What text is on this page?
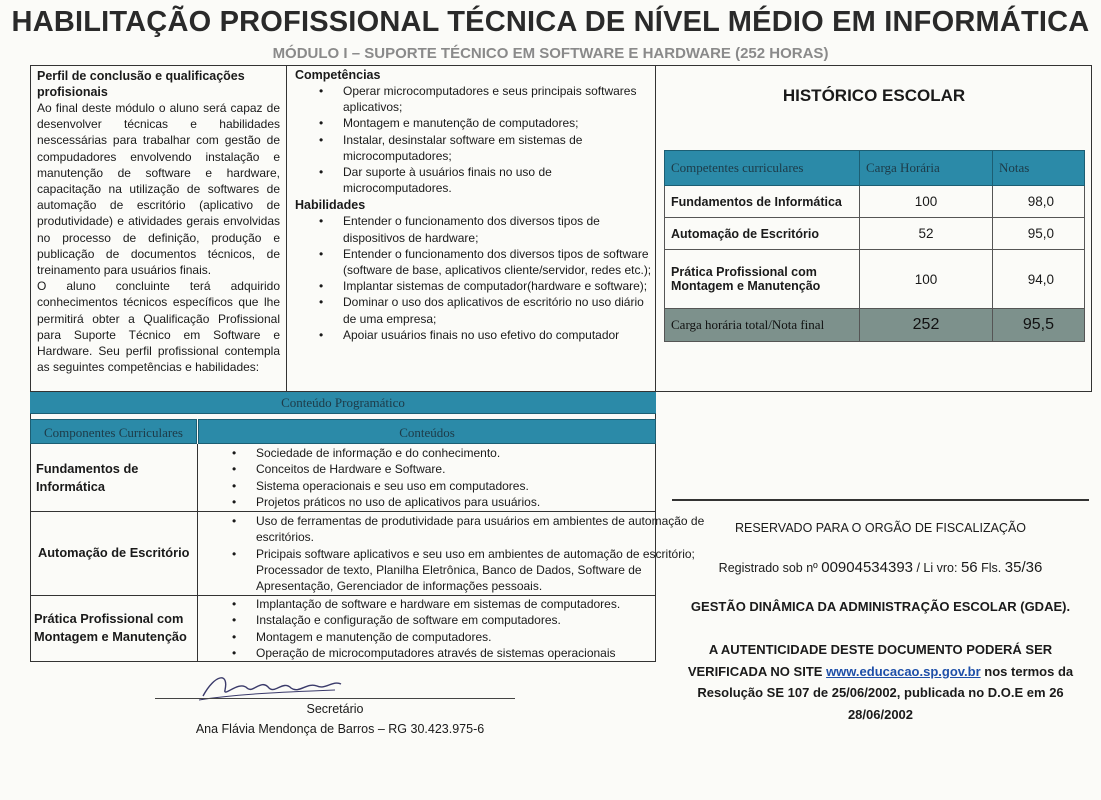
HABILITAÇÃO PROFISSIONAL TÉCNICA DE NÍVEL MÉDIO EM INFORMÁTICA
MÓDULO I – SUPORTE TÉCNICO EM SOFTWARE E HARDWARE (252 HORAS)
Perfil de conclusão e qualificações profisionais

Ao final deste módulo o aluno será capaz de desenvolver técnicas e habilidades nescessárias para trabalhar com gestão de compudadores envolvendo instalação e manutenção de software e hardware, capacitação na utilização de softwares de automação de escritório (aplicativo de produtividade) e atividades gerais envolvidas no processo de definição, produção e publicação de documentos técnicos, de treinamento para usuários finais.

O aluno concluinte terá adquirido conhecimentos técnicos específicos que lhe permitirá obter a Qualificação Profissional para Suporte Técnico em Software e Hardware. Seu perfil profissional contempla as seguintes competências e habilidades:

Competências
• Operar microcomputadores e seus principais softwares aplicativos;
• Montagem e manutenção de computadores;
• Instalar, desinstalar software em sistemas de microcomputadores;
• Dar suporte à usuários finais no uso de microcomputadores.
Habilidades
• Entender o funcionamento dos diversos tipos de dispositivos de hardware;
• Entender o funcionamento dos diversos tipos de software (software de base, aplicativos cliente/servidor, redes etc.);
• Implantar sistemas de computador(hardware e software);
• Dominar o uso dos aplicativos de escritório no uso diário de uma empresa;
• Apoiar usuários finais no uso efetivo do computador
HISTÓRICO ESCOLAR
Competentes curriculares	Carga Horária	Notas
Fundamentos de Informática	100	98,0
Automação de Escritório	52	95,0
Prática Profissional com Montagem e Manutenção	100	94,0
Carga horária total/Nota final	252	95,5
Conteúdo Programático
Componentes Curriculares	Conteúdos
Fundamentos de Informática
• Sociedade de informação e do conhecimento.
• Conceitos de Hardware e Software.
• Sistema operacionais e seu uso em computadores.
• Projetos práticos no uso de aplicativos para usuários.
Automação de Escritório
• Uso de ferramentas de produtividade para usuários em ambientes de automação de escritórios.
• Pricipais software aplicativos e seu uso em ambientes de automação de escritório; Processador de texto, Planilha Eletrônica, Banco de Dados, Software de Apresentação, Gerenciador de informações pessoais.
Prática Profissional com Montagem e Manutenção
• Implantação de software e hardware em sistemas de computadores.
• Instalação e configuração de software em computadores.
• Montagem e manutenção de computadores.
• Operação de microcomputadores através de sistemas operacionais
Secretário
Ana Flávia Mendonça de Barros – RG 30.423.975-6
RESERVADO PARA O ORGÃO DE FISCALIZAÇÃO
Registrado sob nº 00904534393 / Li vro: 56 Fls. 35/36
GESTÃO DINÂMICA DA ADMINISTRAÇÃO ESCOLAR (GDAE).
A AUTENTICIDADE DESTE DOCUMENTO PODERÁ SER VERIFICADA NO SITE www.educacao.sp.gov.br nos termos da Resolução SE 107 de 25/06/2002, publicada no D.O.E em 26 28/06/2002
